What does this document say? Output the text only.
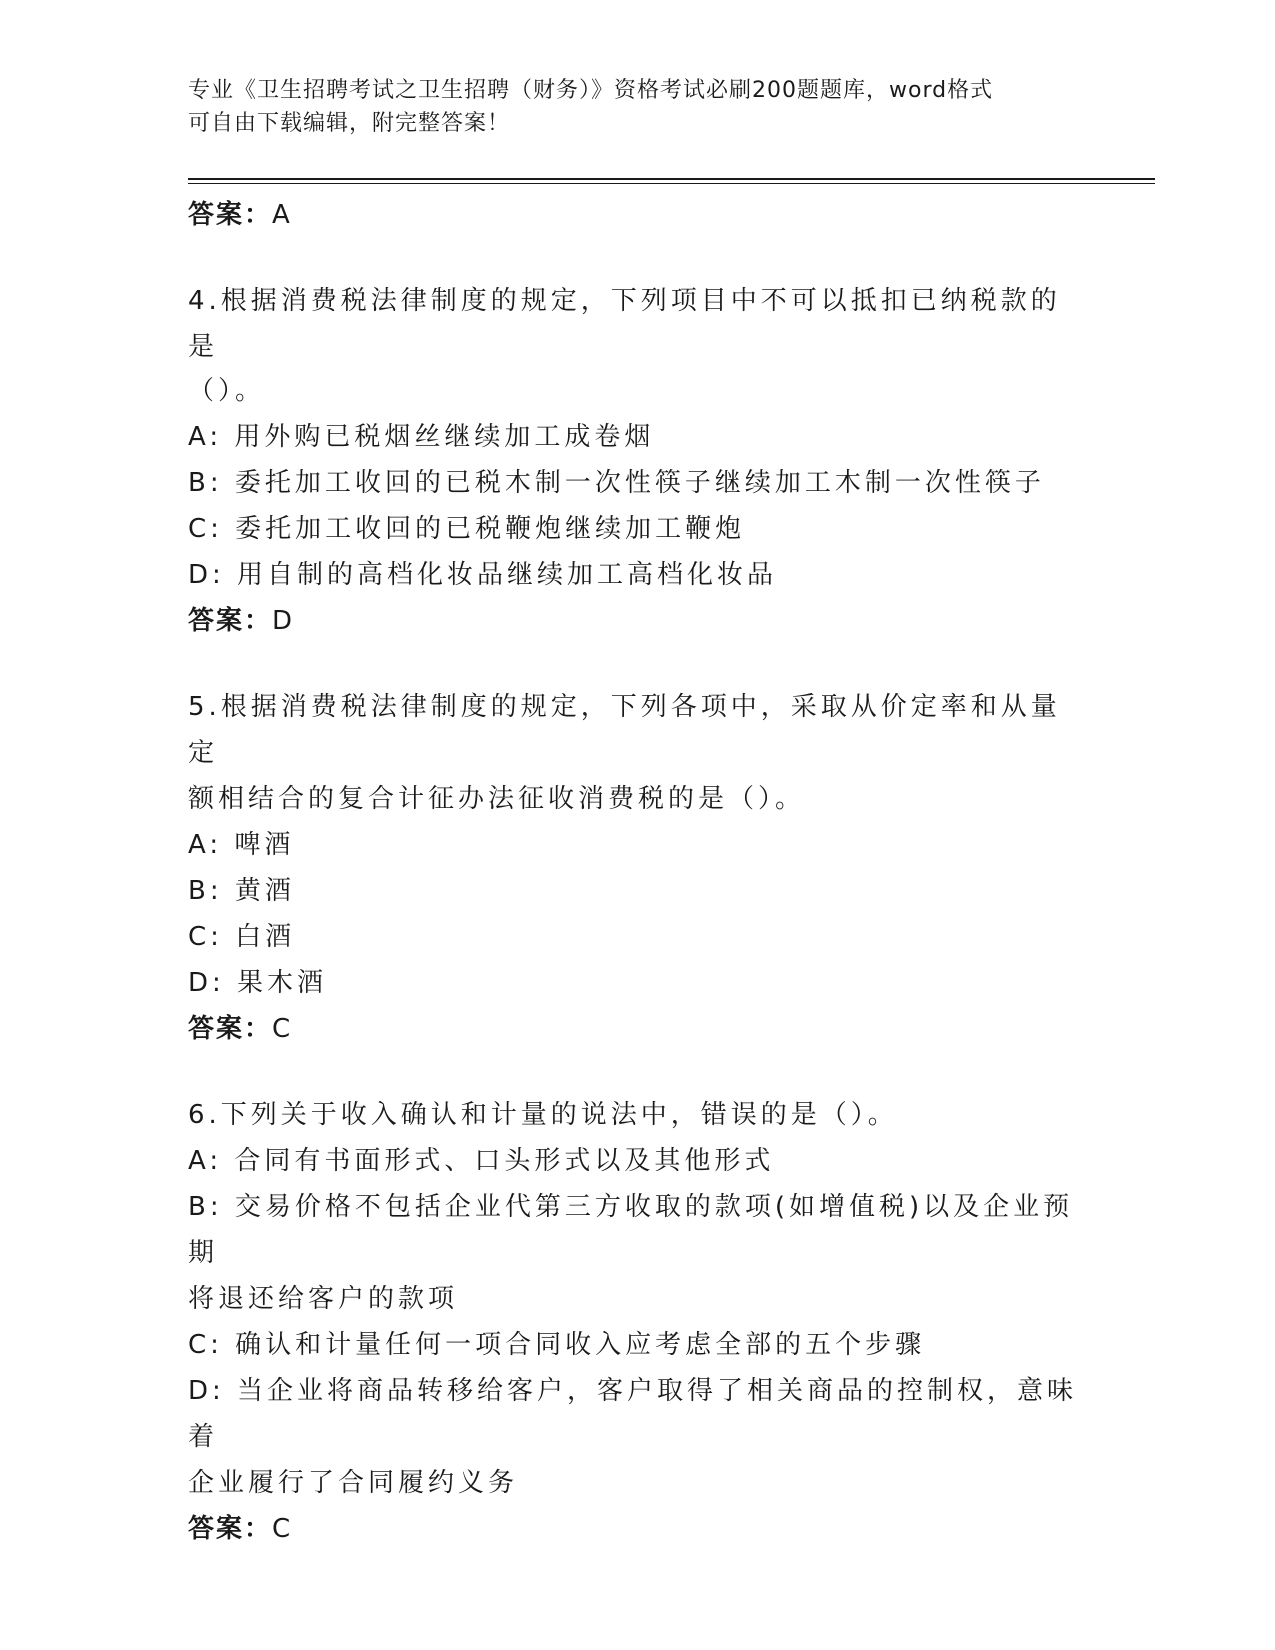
专业《卫生招聘考试之卫生招聘（财务）》资格考试必刷200题题库，word格式
可自由下载编辑，附完整答案！
答案：A
4.根据消费税法律制度的规定，下列项目中不可以抵扣已纳税款的是
（）。
A: 用外购已税烟丝继续加工成卷烟
B: 委托加工收回的已税木制一次性筷子继续加工木制一次性筷子
C: 委托加工收回的已税鞭炮继续加工鞭炮
D: 用自制的高档化妆品继续加工高档化妆品
答案：D
5.根据消费税法律制度的规定，下列各项中，采取从价定率和从量定
额相结合的复合计征办法征收消费税的是（）。
A: 啤酒
B: 黄酒
C: 白酒
D: 果木酒
答案：C
6.下列关于收入确认和计量的说法中，错误的是（）。
A: 合同有书面形式、口头形式以及其他形式
B: 交易价格不包括企业代第三方收取的款项(如增值税)以及企业预期
将退还给客户的款项
C: 确认和计量任何一项合同收入应考虑全部的五个步骤
D: 当企业将商品转移给客户，客户取得了相关商品的控制权，意味着
企业履行了合同履约义务
答案：C
